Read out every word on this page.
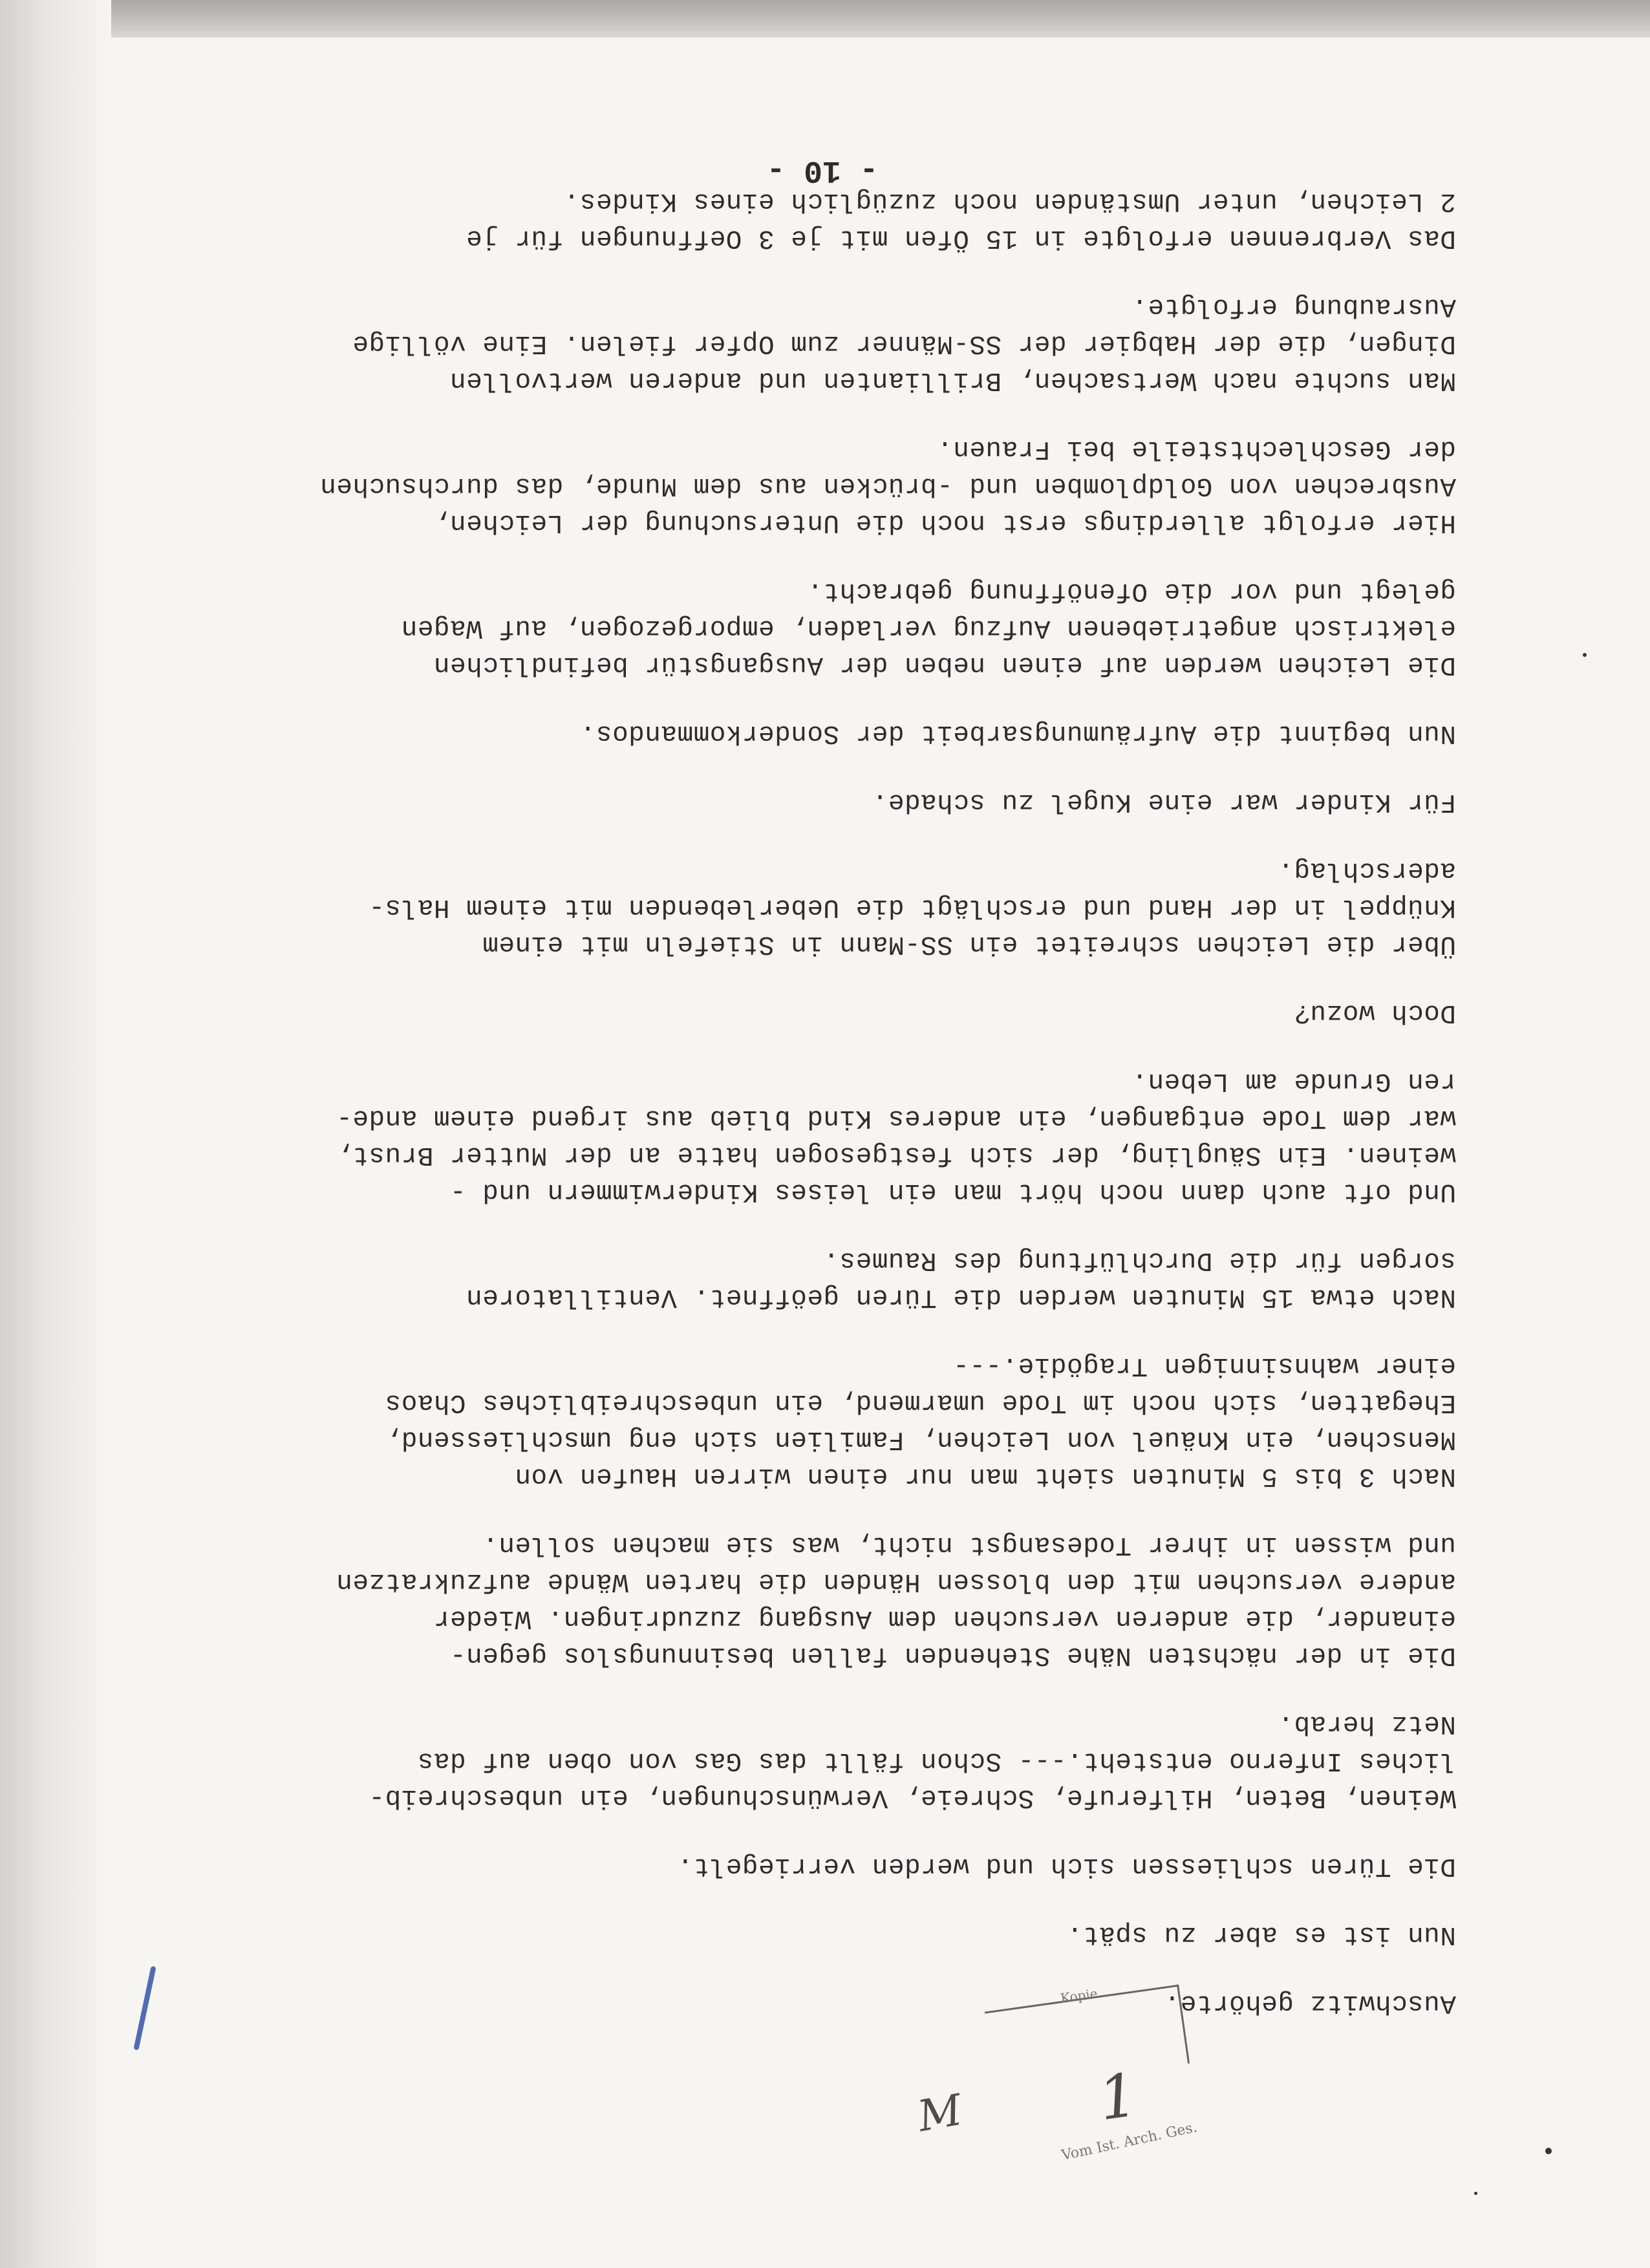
Auschwitz gehörte.

Nun ist es aber zu spät.

Die Türen schliessen sich und werden verriegelt.

Weinen, Beten, Hilferufe, Schreie, Verwünschungen, ein unbeschreib-
liches Inferno entsteht.--- Schon fällt das Gas von oben auf das
Netz herab.

Die in der nächsten Nähe Stehenden fallen besinnungslos gegen-
einander, die anderen versuchen dem Ausgang zuzudringen. Wieder
andere versuchen mit den blossen Händen die harten Wände aufzukratzen
und wissen in ihrer Todesangst nicht, was sie machen sollen.

Nach 3 bis 5 Minuten sieht man nur einen wirren Haufen von
Menschen, ein Knäuel von Leichen, Familien sich eng umschliessend,
Ehegatten, sich noch im Tode umarmend, ein unbeschreibliches Chaos
einer wahnsinnigen Tragödie.---

Nach etwa 15 Minuten werden die Türen geöffnet. Ventillatoren
sorgen für die Durchlüftung des Raumes.

Und oft auch dann noch hört man ein leises Kinderwimmern und -
weinen. Ein Säugling, der sich festgesogen hatte an der Mutter Brust,
war dem Tode entgangen, ein anderes Kind blieb aus irgend einem ande-
ren Grunde am Leben.

Doch wozu?

Über die Leichen schreitet ein SS-Mann in Stiefeln mit einem
Knüppel in der Hand und erschlägt die Ueberlebenden mit einem Hals-
aderschlag.

Für Kinder war eine Kugel zu schade.

Nun beginnt die Aufräumungsarbeit der Sonderkommandos.

Die Leichen werden auf einen neben der Ausgangstür befindlichen
elektrisch angetriebenen Aufzug verladen, emporgezogen, auf Wagen
gelegt und vor die Ofenöffnung gebracht.

Hier erfolgt allerdings erst noch die Untersuchung der Leichen,
Ausbrechen von Goldplomben und -brücken aus dem Munde, das durchsuchen
der Geschlechtsteile bei Frauen.

Man suchte nach Wertsachen, Brillianten und anderen wertvollen
Dingen, die der Habgier der SS-Männer zum Opfer fielen. Eine völlige
Ausraubung erfolgte.

Das Verbrennen erfolgte in 15 Öfen mit je 3 Oeffnungen für je
2 Leichen, unter Umständen noch zuzüglich eines Kindes.

- 10 -
Kopie
1
M
Vom Ist. Arch. Ges.
